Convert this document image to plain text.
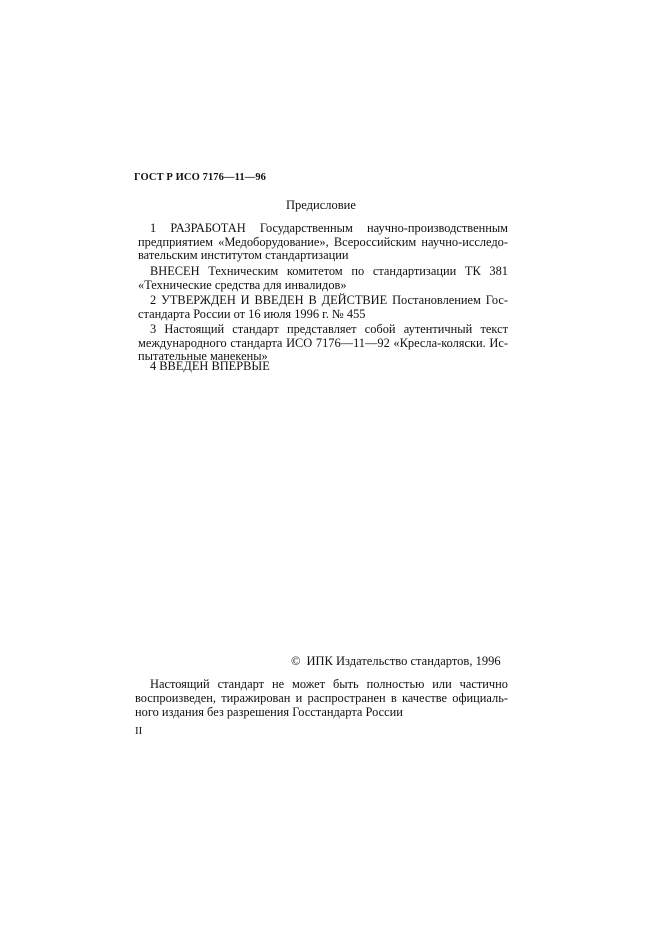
ГОСТ Р ИСО 7176—11—96
Предисловие
1 РАЗРАБОТАН Государственным научно-производственным
предприятием «Медоборудование», Всероссийским научно-исследо-
вательским институтом стандартизации
ВНЕСЕН Техническим комитетом по стандартизации ТК 381
«Технические средства для инвалидов»
2 УТВЕРЖДЕН И ВВЕДЕН В ДЕЙСТВИЕ Постановлением Гос-
стандарта России от 16 июля 1996 г. № 455
3 Настоящий стандарт представляет собой аутентичный текст
международного стандарта ИСО 7176—11—92 «Кресла-коляски. Ис-
пытательные манекены»
4 ВВЕДЕН ВПЕРВЫЕ
© ИПК Издательство стандартов, 1996
Настоящий стандарт не может быть полностью или частично
воспроизведен, тиражирован и распространен в качестве официаль-
ного издания без разрешения Госстандарта России
II
